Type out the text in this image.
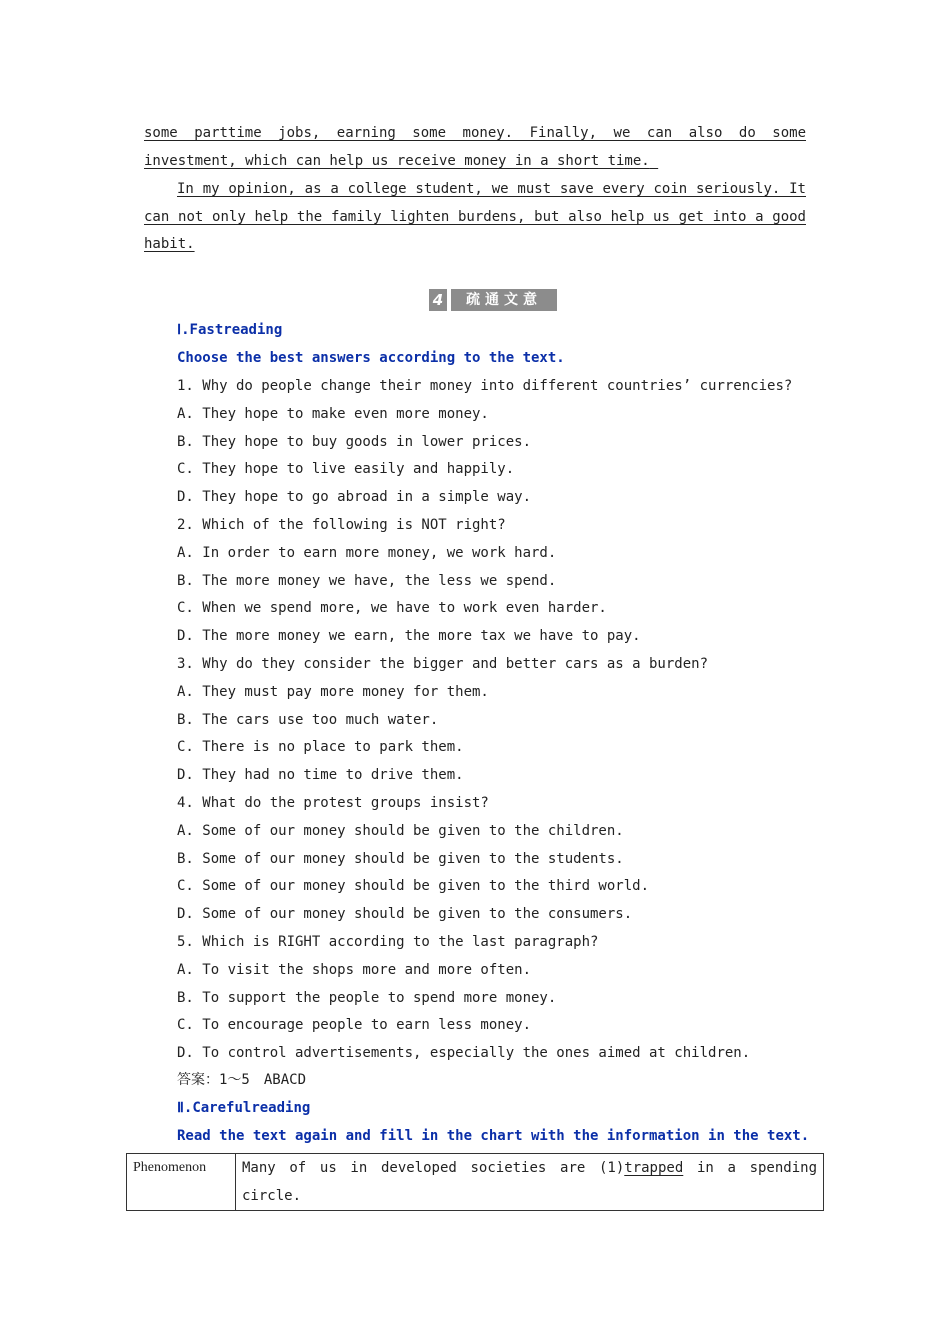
some parttime jobs, earning some money. Finally, we can also do some
investment, which can help us receive money in a short time.
In my opinion, as a college student, we must save every coin seriously. It
can not only help the family lighten burdens, but also help us get into a good
habit.
4	疏通文意
Ⅰ.Fastreading
Choose the best answers according to the text.
1. Why do people change their money into different countries’ currencies?
A. They hope to make even more money.
B. They hope to buy goods in lower prices.
C. They hope to live easily and happily.
D. They hope to go abroad in a simple way.
2. Which of the following is NOT right?
A. In order to earn more money, we work hard.
B. The more money we have, the less we spend.
C. When we spend more, we have to work even harder.
D. The more money we earn, the more tax we have to pay.
3. Why do they consider the bigger and better cars as a burden?
A. They must pay more money for them.
B. The cars use too much water.
C. There is no place to park them.
D. They had no time to drive them.
4. What do the protest groups insist?
A. Some of our money should be given to the children.
B. Some of our money should be given to the students.
C. Some of our money should be given to the third world.
D. Some of our money should be given to the consumers.
5. Which is RIGHT according to the last paragraph?
A. To visit the shops more and more often.
B. To support the people to spend more money.
C. To encourage people to earn less money.
D. To control advertisements, especially the ones aimed at children.
答案：1～5　ABACD
Ⅱ.Carefulreading
Read the text again and fill in the chart with the information in the text.
Phenomenon	Many of us in developed societies are (1)trapped in a spending circle.
